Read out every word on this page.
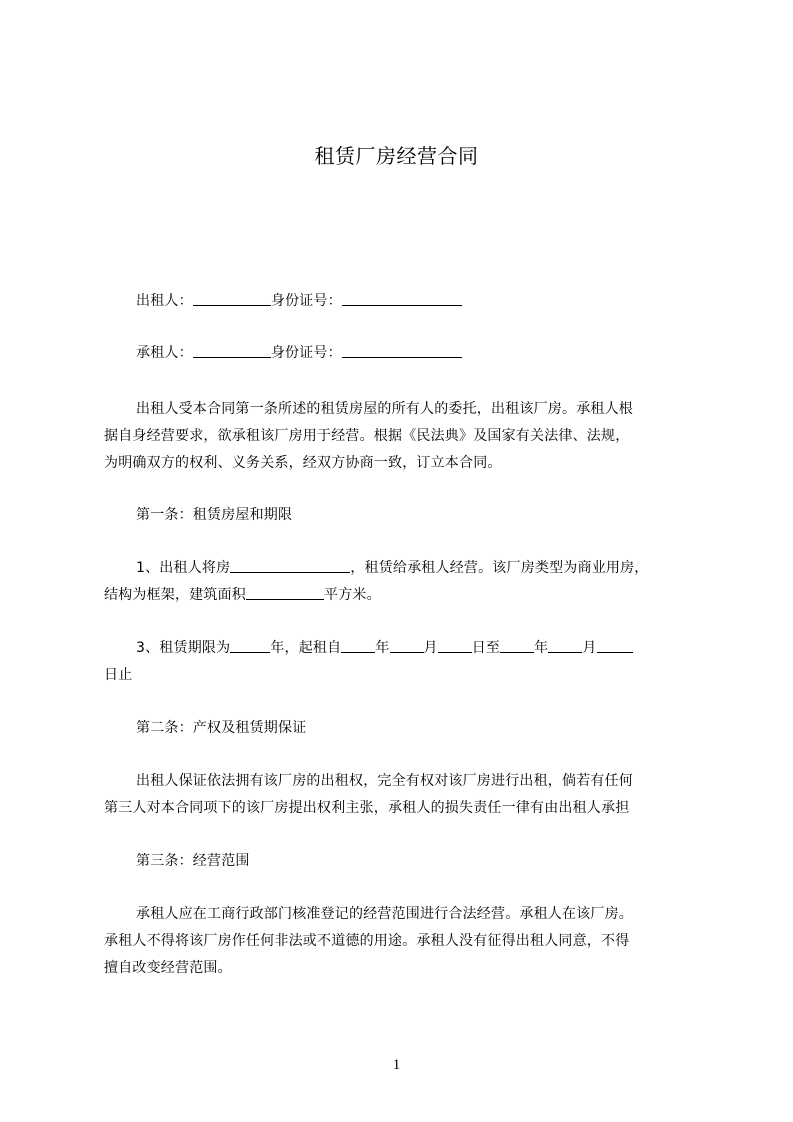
租赁厂房经营合同
出租人：	身份证号：
承租人：	身份证号：
出租人受本合同第一条所述的租赁房屋的所有人的委托，出租该厂房。承租人根
据自身经营要求，欲承租该厂房用于经营。根据《民法典》及国家有关法律、法规，
为明确双方的权利、义务关系，经双方协商一致，订立本合同。
第一条：租赁房屋和期限
1、出租人将房	，租赁给承租人经营。该厂房类型为商业用房，
结构为框架，建筑面积	平方米。
3、租赁期限为	年，起租自 年 月 日至 年 月
日止
第二条：产权及租赁期保证
出租人保证依法拥有该厂房的出租权，完全有权对该厂房进行出租，倘若有任何
第三人对本合同项下的该厂房提出权利主张，承租人的损失责任一律有由出租人承担
第三条：经营范围
承租人应在工商行政部门核准登记的经营范围进行合法经营。承租人在该厂房。
承租人不得将该厂房作任何非法或不道德的用途。承租人没有征得出租人同意，不得
擅自改变经营范围。
1
